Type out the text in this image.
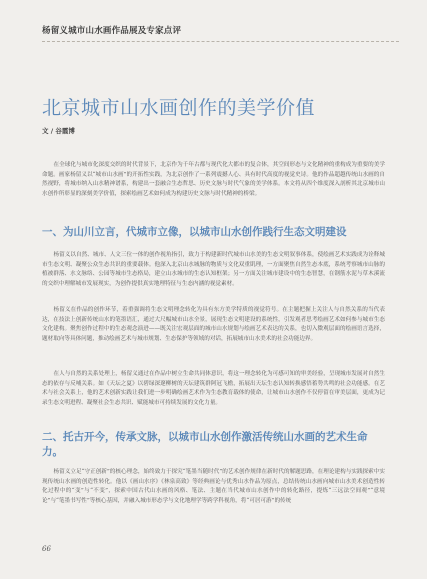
杨留义城市山水画作品展及专家点评
北京城市山水画创作的美学价值
文 / 谷霞博

在全球化与城市化深度交织的时代背景下，北京作为千年古都与现代化大都市的复合体，其空间形态与文化精神的重构成为重要的美学命题。画家杨留义以“城市山水画”的开拓性实践，为北京创作了一系列震撼人心、具有时代高度的视觉史诗。他的作品超越传统山水画的自然视野，将城市纳入山水精神谱系，构建出一套融合生态哲思、历史文脉与时代气象的美学体系。本文将从四个维度深入剖析其北京城市山水创作所彰显的深刻美学价值，探索绘画艺术如何成为构建历史文脉与时代精神的桥梁。

一、为山川立言，代城市立像，以城市山水创作践行生态文明建设

杨留义以自然、城市、人文三位一体的创作视角指引，致力于构建新时代城市山水美的生态文明叙事体系，使绘画艺术实践成为诠释城市生态文明、凝聚公众生态共识的重要载体。他深入北京山水城脉的物质与文化双重肌理，一方面聚焦自然生态本底，系统考察城市山脉的植被群落、水文脉络、公园等城市生态格局，建立山水城市的生态认知框架；另一方面关注城市建设中的生态智慧，在钢筋水泥与草木溪流的交织中理解城市发展现实，为创作提供真实地理特征与生态内涵的视觉素材。

杨留义在作品的创作环节，着重强调将生态文明理念转化为具有东方美学特质的视觉符号。在主题把握上关注人与自然关系的当代表达，在技法上创新传统山水的笔墨语汇，通过大尺幅城市山水全景，展现生态文明建设的系统性，引发观者思考绘画艺术如何参与城市生态文化建构。聚焦创作过程中的生态观念演进——既关注宏观层面的城市山水规划与绘画艺术表达的关系，也切入微观层面的绘画语言选择，题材取向等具体问题，推动绘画艺术与城市规划、生态保护等领域的对话，拓展城市山水美术的社会功能边界。

在人与自然的关系处理上，杨留义通过在作品中树立生命共同体意识，将这一理念转化为可感可知的审美经验，呈现城市发展对自然生态的依存与反哺关系。如《天坛之夏》以碧绿深邃柳树的天坛建筑群阿冠飞檐，拓展出天坛生态认知转换感悟蓄势共鸣的社会功能感。在艺术与社会关系上，他的艺术创新实践让我们进一步明确绘画艺术作为生态教育载体的使命，让城市山水创作不仅停留在审美层面，更成为记录生态文明进程、凝聚社会生态共识、赋能城市可持续发展的文化力量。

二、托古开今，传承文脉，以城市山水创作激活传统山水画的艺术生命力。

杨留义立足“守正创新”的核心理念，始终致力于探究“笔墨当随时代”的艺术创作规律在新时代的解题思路，在理论建构与实践探索中实现传统山水画的创造性转化。他以《画山水序》《林泉高致》等经典画论与优秀山水作品为原点，总结传统山水画向城市山水美术创造性转化过程中的“变”与“不变”，探索中国古代山水画的风格、笔法、主题在当代城市山水创作中的转化路径，提炼“三远法空间观”“意境论”与“笔墨书写性”等核心基因，并融入城市形态学与文化地理学等跨学科视角，将“可居可游”的传统

66
